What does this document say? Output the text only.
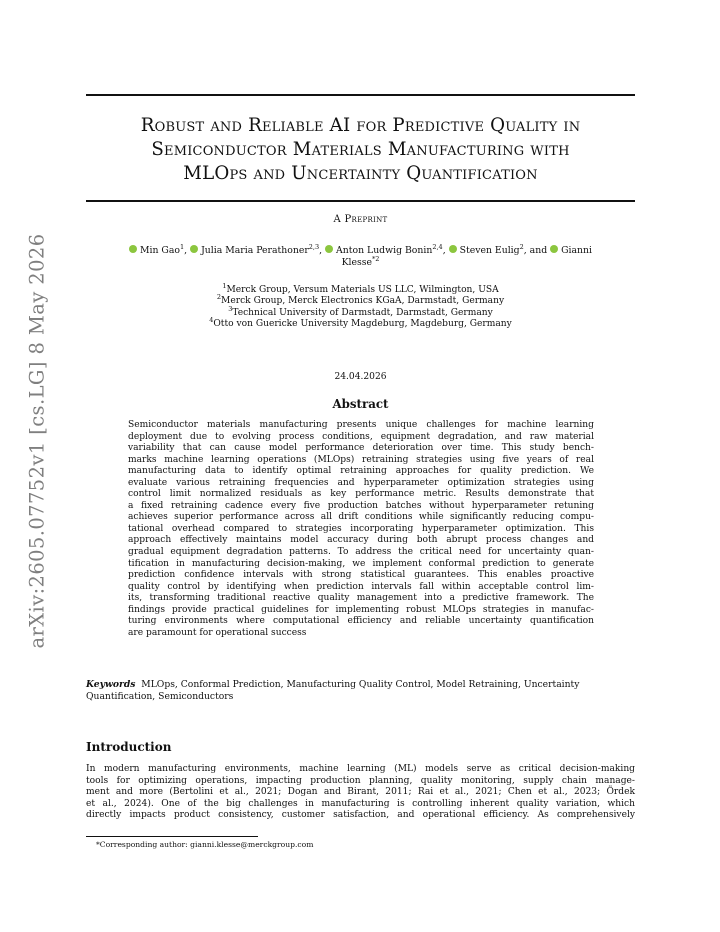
arXiv:2605.07752v1 [cs.LG] 8 May 2026
Robust and Reliable AI for Predictive Quality in
Semiconductor Materials Manufacturing with
MLOps and Uncertainty Quantification
A Preprint
Min Gao$^1$, Julia Maria Perathoner$^{2,3}$, Anton Ludwig Bonin$^{2,4}$, Steven Eulig$^2$, and Gianni
Klesse$^{*2}$
$^1$Merck Group, Versum Materials US LLC, Wilmington, USA
$^2$Merck Group, Merck Electronics KGaA, Darmstadt, Germany
$^3$Technical University of Darmstadt, Darmstadt, Germany
$^4$Otto von Guericke University Magdeburg, Magdeburg, Germany
24.04.2026
Abstract
Semiconductor materials manufacturing presents unique challenges for machine learning
deployment due to evolving process conditions, equipment degradation, and raw material
variability that can cause model performance deterioration over time. This study bench-
marks machine learning operations (MLOps) retraining strategies using five years of real
manufacturing data to identify optimal retraining approaches for quality prediction. We
evaluate various retraining frequencies and hyperparameter optimization strategies using
control limit normalized residuals as key performance metric. Results demonstrate that
a fixed retraining cadence every five production batches without hyperparameter retuning
achieves superior performance across all drift conditions while significantly reducing compu-
tational overhead compared to strategies incorporating hyperparameter optimization. This
approach effectively maintains model accuracy during both abrupt process changes and
gradual equipment degradation patterns. To address the critical need for uncertainty quan-
tification in manufacturing decision-making, we implement conformal prediction to generate
prediction confidence intervals with strong statistical guarantees. This enables proactive
quality control by identifying when prediction intervals fall within acceptable control lim-
its, transforming traditional reactive quality management into a predictive framework. The
findings provide practical guidelines for implementing robust MLOps strategies in manufac-
turing environments where computational efficiency and reliable uncertainty quantification
are paramount for operational success
Keywords MLOps, Conformal Prediction, Manufacturing Quality Control, Model Retraining, Uncertainty
Quantification, Semiconductors
Introduction
In modern manufacturing environments, machine learning (ML) models serve as critical decision-making
tools for optimizing operations, impacting production planning, quality monitoring, supply chain manage-
ment and more (Bertolini et al., 2021; Dogan and Birant, 2011; Rai et al., 2021; Chen et al., 2023; Ördek
et al., 2024). One of the big challenges in manufacturing is controlling inherent quality variation, which
directly impacts product consistency, customer satisfaction, and operational efficiency. As comprehensively
*Corresponding author: gianni.klesse@merckgroup.com
